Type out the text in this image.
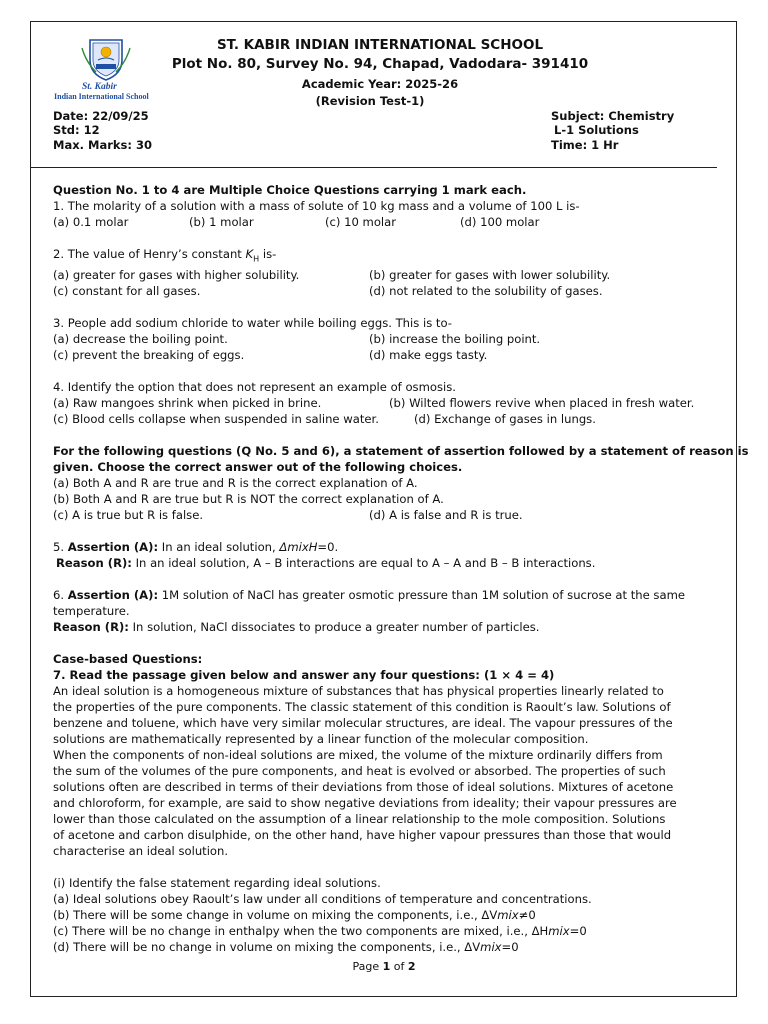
St. Kabir
Indian International School
ST. KABIR INDIAN INTERNATIONAL SCHOOL
Plot No. 80, Survey No. 94, Chapad, Vadodara- 391410
Academic Year: 2025-26
(Revision Test-1)
Date: 22/09/25
Std: 12
Max. Marks: 30
Subject: Chemistry
L-1 Solutions
Time: 1 Hr

Question No. 1 to 4 are Multiple Choice Questions carrying 1 mark each.

1. The molarity of a solution with a mass of solute of 10 kg mass and a volume of 100 L is-

(a) 0.1 molar	(b) 1 molar	(c) 10 molar	(d) 100 molar

2. The value of Henry’s constant $K_H$ is-

(a) greater for gases with higher solubility.	(b) greater for gases with lower solubility.
(c) constant for all gases.	(d) not related to the solubility of gases.

3. People add sodium chloride to water while boiling eggs. This is to-

(a) decrease the boiling point.	(b) increase the boiling point.
(c) prevent the breaking of eggs.	(d) make eggs tasty.

4. Identify the option that does not represent an example of osmosis.

(a) Raw mangoes shrink when picked in brine.	(b) Wilted flowers revive when placed in fresh water.
(c) Blood cells collapse when suspended in saline water.	(d) Exchange of gases in lungs.

For the following questions (Q No. 5 and 6), a statement of assertion followed by a statement of reason is

given. Choose the correct answer out of the following choices.

(a) Both A and R are true and R is the correct explanation of A.

(b) Both A and R are true but R is NOT the correct explanation of A.

(c) A is true but R is false.	(d) A is false and R is true.

5. Assertion (A): In an ideal solution, ΔmixH=0.

Reason (R): In an ideal solution, A – B interactions are equal to A – A and B – B interactions.

6. Assertion (A): 1M solution of NaCl has greater osmotic pressure than 1M solution of sucrose at the same

temperature.

Reason (R): In solution, NaCl dissociates to produce a greater number of particles.

Case-based Questions:

7. Read the passage given below and answer any four questions: (1 × 4 = 4)

An ideal solution is a homogeneous mixture of substances that has physical properties linearly related to

the properties of the pure components. The classic statement of this condition is Raoult’s law. Solutions of

benzene and toluene, which have very similar molecular structures, are ideal. The vapour pressures of the

solutions are mathematically represented by a linear function of the molecular composition.

When the components of non-ideal solutions are mixed, the volume of the mixture ordinarily differs from

the sum of the volumes of the pure components, and heat is evolved or absorbed. The properties of such

solutions often are described in terms of their deviations from those of ideal solutions. Mixtures of acetone

and chloroform, for example, are said to show negative deviations from ideality; their vapour pressures are

lower than those calculated on the assumption of a linear relationship to the mole composition. Solutions

of acetone and carbon disulphide, on the other hand, have higher vapour pressures than those that would

characterise an ideal solution.

(i) Identify the false statement regarding ideal solutions.

(a) Ideal solutions obey Raoult’s law under all conditions of temperature and concentrations.

(b) There will be some change in volume on mixing the components, i.e., ΔVmix≠0

(c) There will be no change in enthalpy when the two components are mixed, i.e., ΔHmix=0

(d) There will be no change in volume on mixing the components, i.e., ΔVmix=0

Page 1 of 2
